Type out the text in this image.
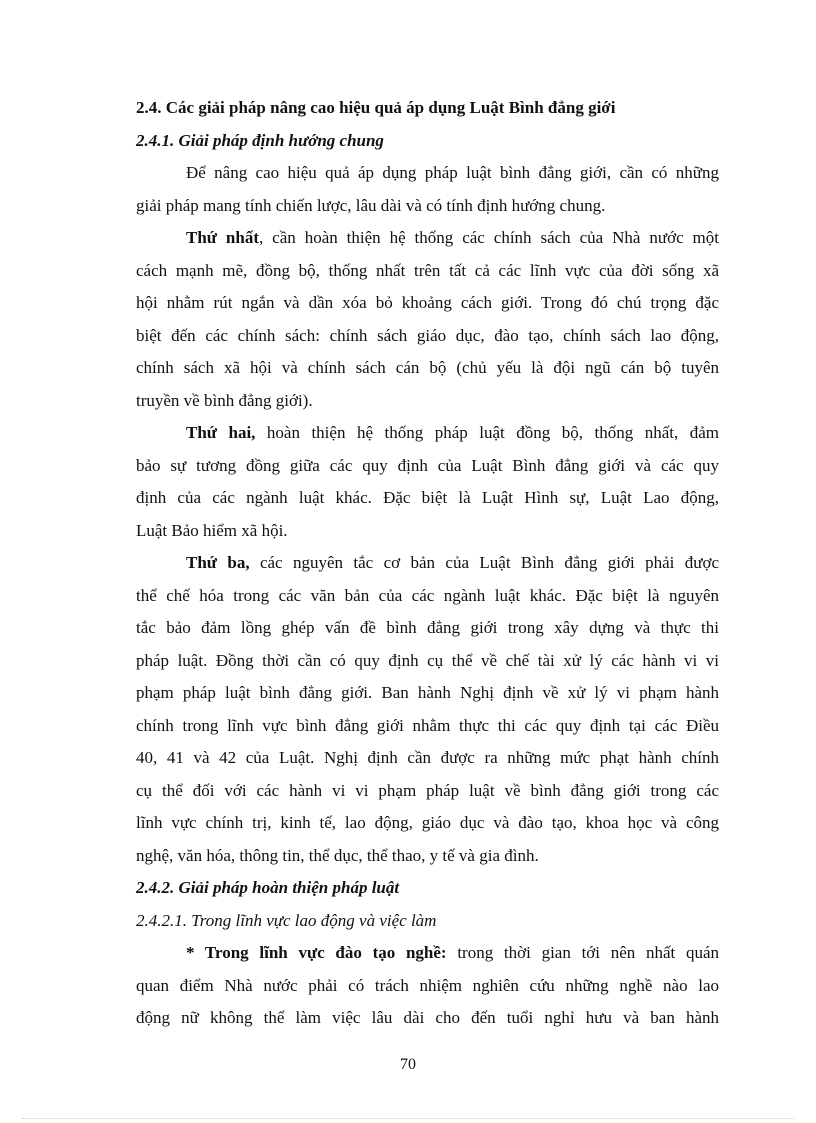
2.4. Các giải pháp nâng cao hiệu quả áp dụng Luật Bình đẳng giới

2.4.1. Giải pháp định hướng chung

Để nâng cao hiệu quả áp dụng pháp luật bình đẳng giới, cần có những

giải pháp mang tính chiến lược, lâu dài và có tính định hướng chung.

Thứ nhất, cần hoàn thiện hệ thống các chính sách của Nhà nước một

cách mạnh mẽ, đồng bộ, thống nhất trên tất cả các lĩnh vực của đời sống xã

hội nhằm rút ngắn và dần xóa bỏ khoảng cách giới. Trong đó chú trọng đặc

biệt đến các chính sách: chính sách giáo dục, đào tạo, chính sách lao động,

chính sách xã hội và chính sách cán bộ (chủ yếu là đội ngũ cán bộ tuyên

truyền về bình đẳng giới).

Thứ hai, hoàn thiện hệ thống pháp luật đồng bộ, thống nhất, đảm

bảo sự tương đồng giữa các quy định của Luật Bình đẳng giới và các quy

định của các ngành luật khác. Đặc biệt là Luật Hình sự, Luật Lao động,

Luật Bảo hiểm xã hội.

Thứ ba, các nguyên tắc cơ bản của Luật Bình đẳng giới phải được

thể chế hóa trong các văn bản của các ngành luật khác. Đặc biệt là nguyên

tắc bảo đảm lồng ghép vấn đề bình đẳng giới trong xây dựng và thực thi

pháp luật. Đồng thời cần có quy định cụ thể về chế tài xử lý các hành vi vi

phạm pháp luật bình đẳng giới. Ban hành Nghị định về xử lý vi phạm hành

chính trong lĩnh vực bình đẳng giới nhằm thực thi các quy định tại các Điều

40, 41 và 42 của Luật. Nghị định cần được ra những mức phạt hành chính

cụ thể đối với các hành vi vi phạm pháp luật về bình đẳng giới trong các

lĩnh vực chính trị, kinh tế, lao động, giáo dục và đào tạo, khoa học và công

nghệ, văn hóa, thông tin, thể dục, thể thao, y tế và gia đình.

2.4.2. Giải pháp hoàn thiện pháp luật

2.4.2.1. Trong lĩnh vực lao động và việc làm

* Trong lĩnh vực đào tạo nghề: trong thời gian tới nên nhất quán

quan điểm Nhà nước phải có trách nhiệm nghiên cứu những nghề nào lao

động nữ không thể làm việc lâu dài cho đến tuổi nghỉ hưu và ban hành

70
